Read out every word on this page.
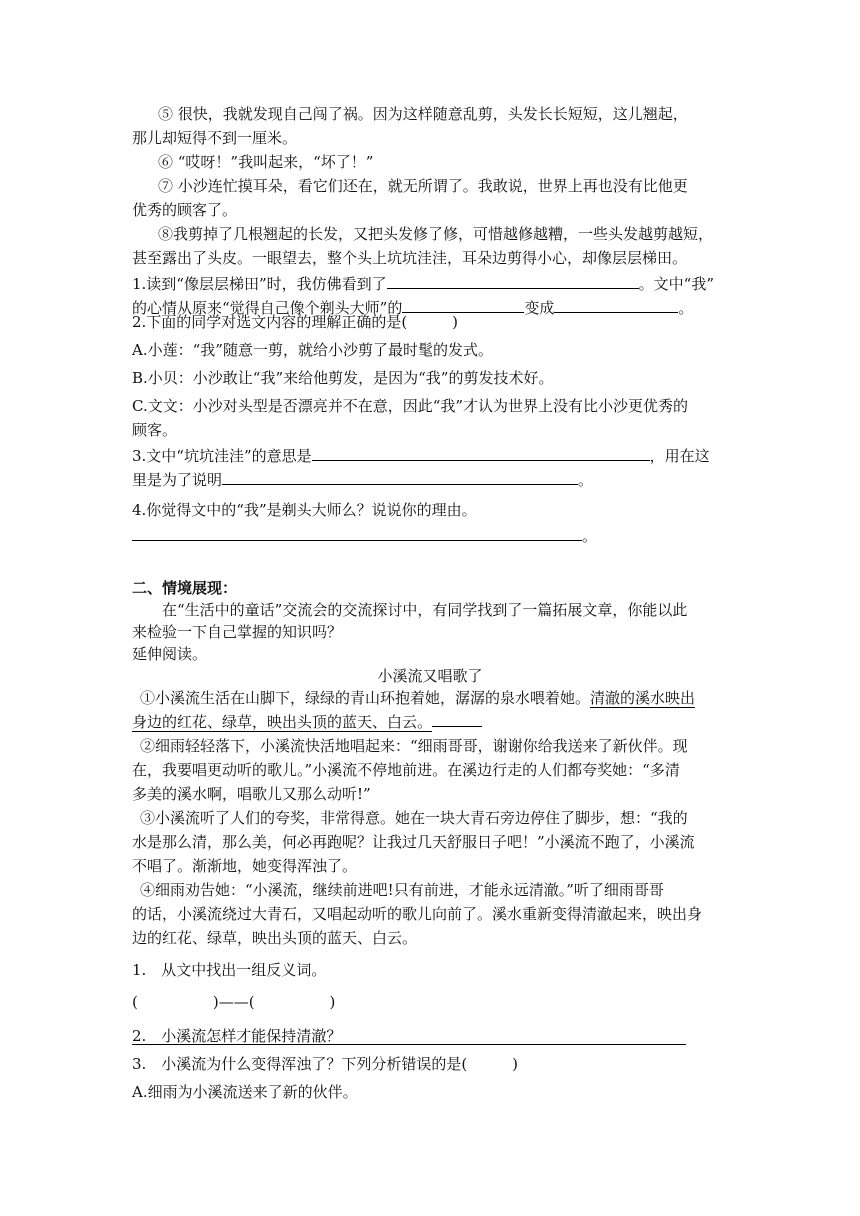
⑤ 很快，我就发现自己闯了祸。因为这样随意乱剪，头发长长短短，这儿翘起，
那儿却短得不到一厘米。
⑥ “哎呀！”我叫起来，“坏了！”
⑦ 小沙连忙摸耳朵，看它们还在，就无所谓了。我敢说，世界上再也没有比他更
优秀的顾客了。
⑧我剪掉了几根翘起的长发，又把头发修了修，可惜越修越糟，一些头发越剪越短，
甚至露出了头皮。一眼望去，整个头上坑坑洼洼，耳朵边剪得小心，却像层层梯田。
1.读到“像层层梯田”时，我仿佛看到了	。文中“我”
的心情从原来“觉得自己像个剃头大师”的	变成	。
2.下面的同学对选文内容的理解正确的是(　　　)
A.小莲：“我”随意一剪，就给小沙剪了最时髦的发式。
B.小贝：小沙敢让“我”来给他剪发，是因为“我”的剪发技术好。
C.文文：小沙对头型是否漂亮并不在意，因此“我”才认为世界上没有比小沙更优秀的
顾客。
3.文中“坑坑洼洼”的意思是	，用在这
里是为了说明	。
4.你觉得文中的“我”是剃头大师么？说说你的理由。
。
二、情境展现：
在“生活中的童话”交流会的交流探讨中，有同学找到了一篇拓展文章，你能以此
来检验一下自己掌握的知识吗？
延伸阅读。
小溪流又唱歌了
①小溪流生活在山脚下，绿绿的青山环抱着她，潺潺的泉水喂着她。清澈的溪水映出
身边的红花、绿草，映出头顶的蓝天、白云。
②细雨轻轻落下，小溪流快活地唱起来：“细雨哥哥，谢谢你给我送来了新伙伴。现
在，我要唱更动听的歌儿。”小溪流不停地前进。在溪边行走的人们都夸奖她：“多清
多美的溪水啊，唱歌儿又那么动听!”
③小溪流听了人们的夸奖，非常得意。她在一块大青石旁边停住了脚步，想：“我的
水是那么清，那么美，何必再跑呢？让我过几天舒服日子吧！”小溪流不跑了，小溪流
不唱了。渐渐地，她变得浑浊了。
④细雨劝告她：“小溪流，继续前进吧!只有前进，才能永远清澈。”听了细雨哥哥
的话，小溪流绕过大青石，又唱起动听的歌儿向前了。溪水重新变得清澈起来，映出身
边的红花、绿草，映出头顶的蓝天、白云。
1.　从文中找出一组反义词。
(　　　　　)——(　　　　　)
2.　小溪流怎样才能保持清澈？
3.　小溪流为什么变得浑浊了？下列分析错误的是(　　　)
A.细雨为小溪流送来了新的伙伴。
